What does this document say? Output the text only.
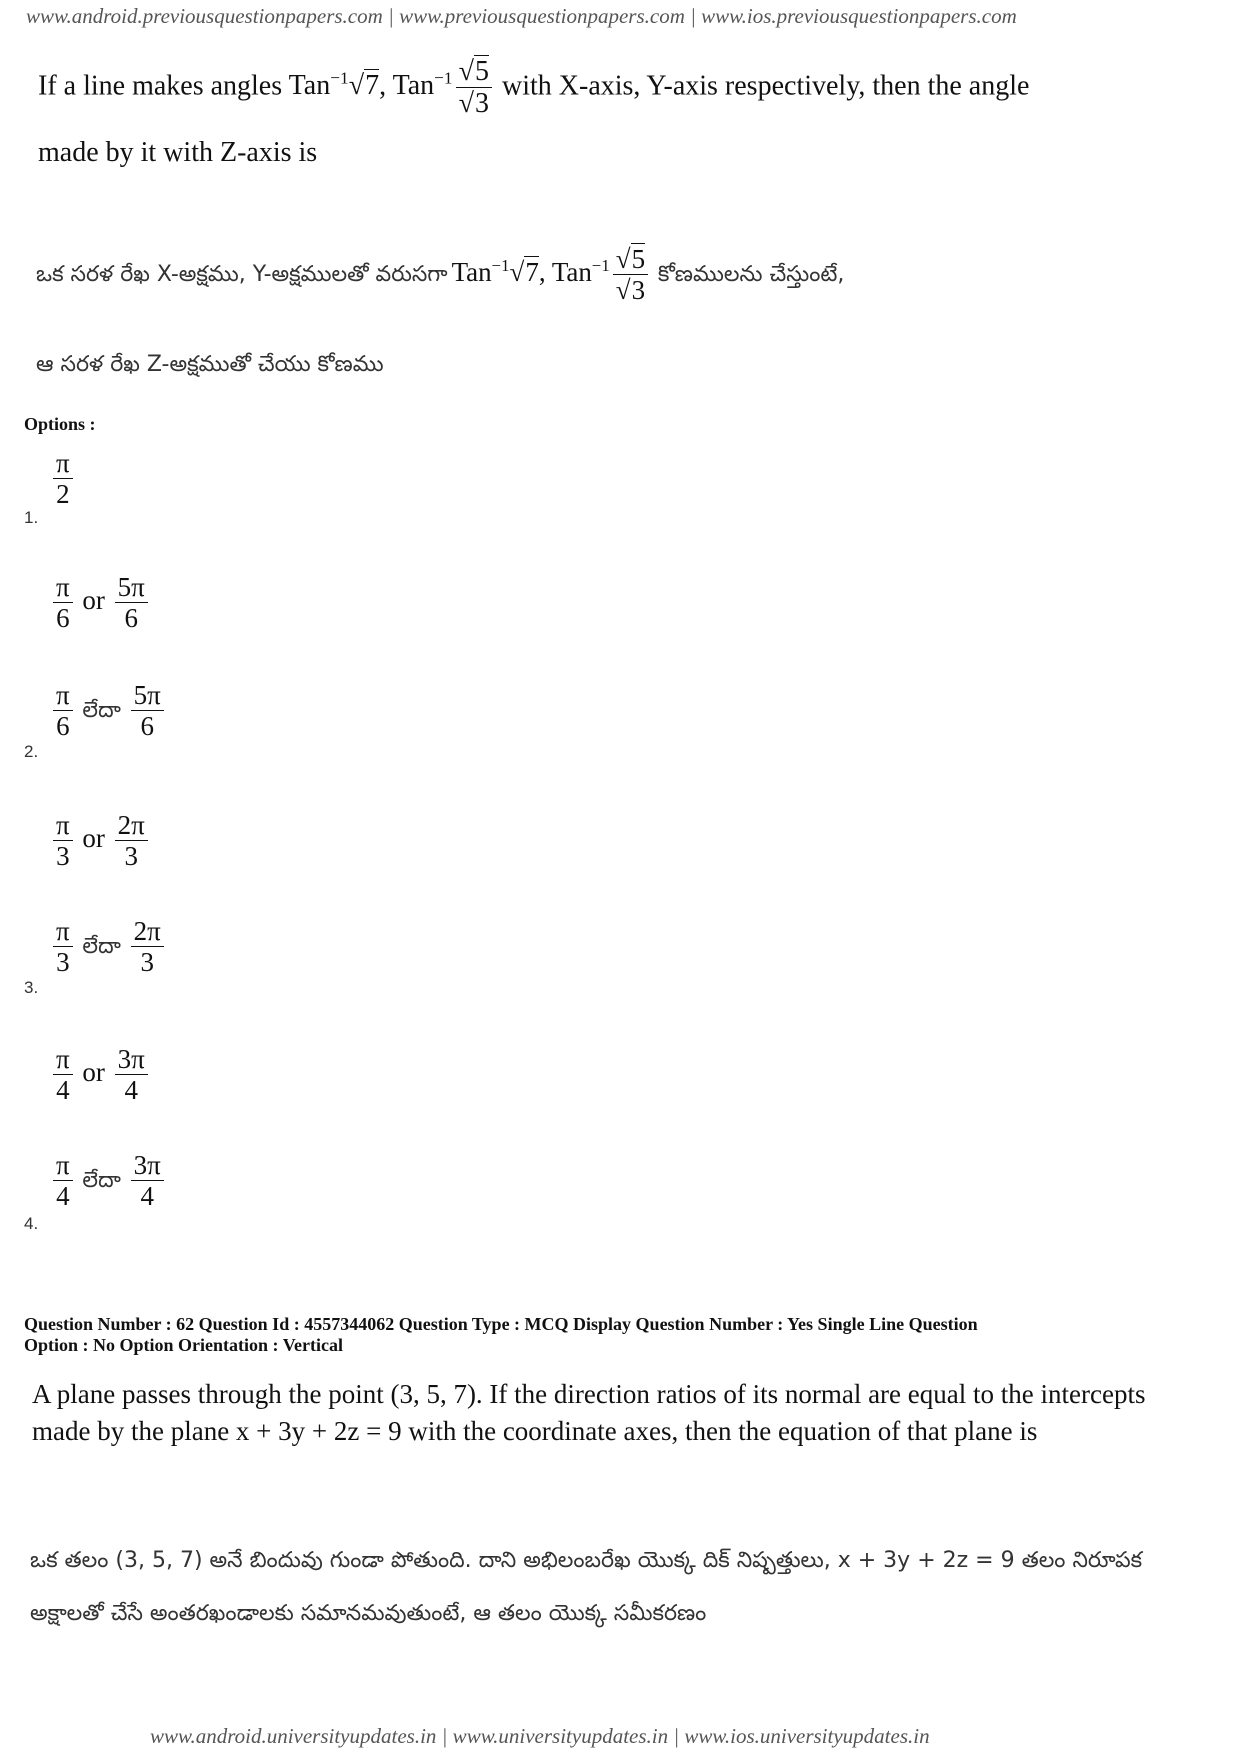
www.android.previousquestionpapers.com | www.previousquestionpapers.com | www.ios.previousquestionpapers.com
If a line makes angles Tan$^{-1}$√7, $Tan^{-1} \frac{√5}{√3}$ with X-axis, Y-axis respectively, then the angle
made by it with Z-axis is
ఒక సరళ రేఖ X-అక్షము, Y-అక్షములతో వరుసగా Tan$^{-1}$√7, $Tan^{-1} \frac{√5}{√3}$ కోణములను చేస్తుంటే,
ఆ సరళ రేఖ Z-అక్షముతో చేయు కోణము
Options :
$\frac{\pi}{2}$
1.
$\frac{\pi}{6}$ or $\frac{5\pi}{6}$
$\frac{\pi}{6}$ లేదా $\frac{5\pi}{6}$
2.
$\frac{\pi}{3}$ or $\frac{2\pi}{3}$
$\frac{\pi}{3}$ లేదా $\frac{2\pi}{3}$
3.
$\frac{\pi}{4}$ or $\frac{3\pi}{4}$
$\frac{\pi}{4}$ లేదా $\frac{3\pi}{4}$
4.
Question Number : 62 Question Id : 4557344062 Question Type : MCQ Display Question Number : Yes Single Line Question
Option : No Option Orientation : Vertical
A plane passes through the point (3, 5, 7). If the direction ratios of its normal are equal to the intercepts made by the plane x + 3y + 2z = 9 with the coordinate axes, then the equation of that plane is
ఒక తలం (3, 5, 7) అనే బిందువు గుండా పోతుంది. దాని అభిలంబరేఖ యొక్క దిక్ నిష్పత్తులు, x + 3y + 2z = 9 తలం నిరూపక అక్షాలతో చేసే అంతరఖండాలకు సమానమవుతుంటే, ఆ తలం యొక్క సమీకరణం
www.android.universityupdates.in | www.universityupdates.in | www.ios.universityupdates.in
